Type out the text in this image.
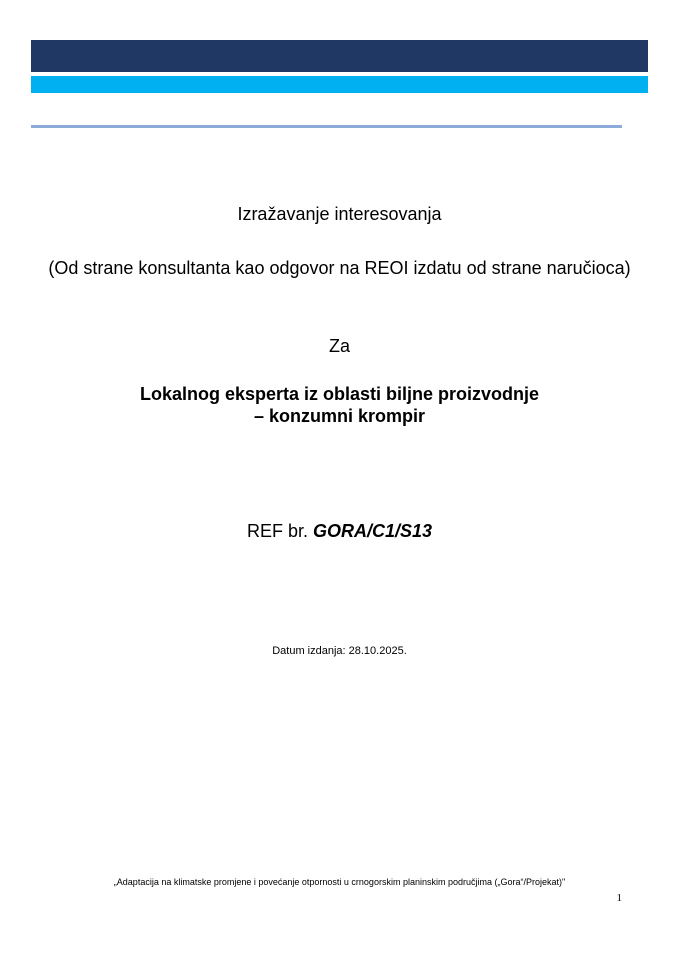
Izražavanje interesovanja
(Od strane konsultanta kao odgovor na REOI izdatu od strane naručioca)
Za
Lokalnog eksperta iz oblasti biljne proizvodnje
– konzumni krompir
REF br. GORA/C1/S13
Datum izdanja: 28.10.2025.
„Adaptacija na klimatske promjene i povećanje otpornosti u crnogorskim planinskim područjima („Gora“/Projekat)"
1
